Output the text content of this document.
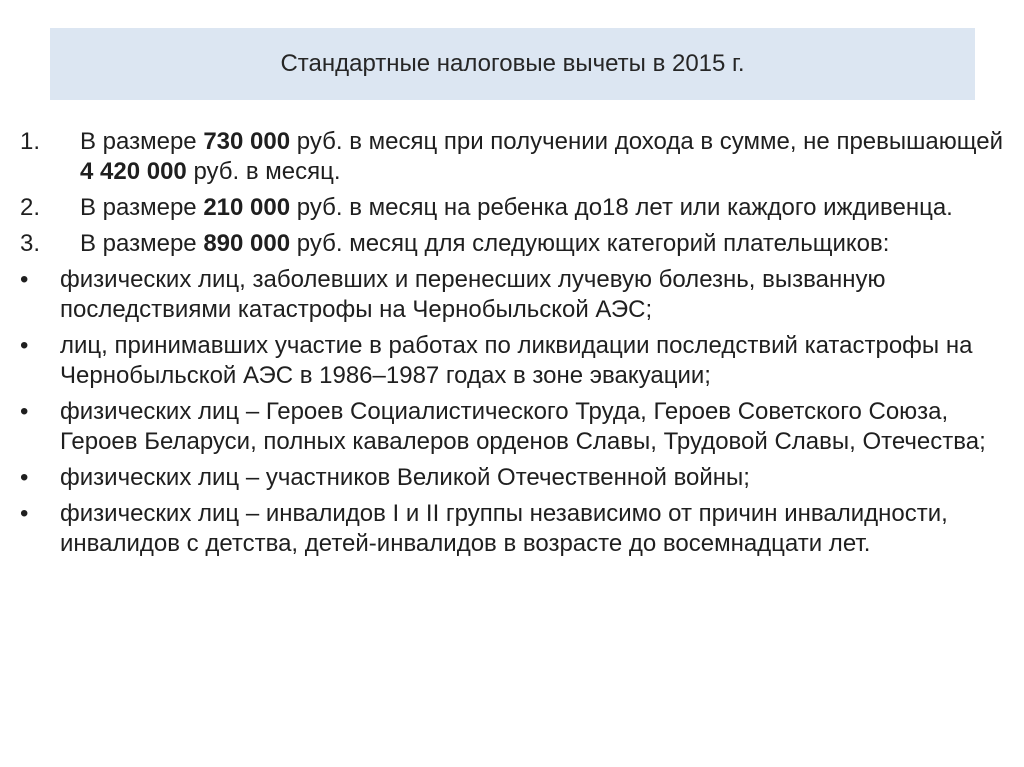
Стандартные налоговые вычеты в 2015 г.
1.	В размере 730 000 руб. в месяц при получении дохода в сумме, не превышающей 4 420 000 руб. в месяц.
2.	В размере 210 000 руб. в месяц на ребенка до18 лет или каждого иждивенца.
3.	В размере 890 000 руб. месяц для следующих категорий плательщиков:
•	физических лиц, заболевших и перенесших лучевую болезнь, вызванную последствиями катастрофы на Чернобыльской АЭС;
•	лиц, принимавших участие в работах по ликвидации последствий катастрофы на Чернобыльской АЭС в 1986–1987 годах в зоне эвакуации;
•	физических лиц – Героев Социалистического Труда, Героев Советского Союза, Героев Беларуси, полных кавалеров орденов Славы, Трудовой Славы, Отечества;
•	физических лиц – участников Великой Отечественной войны;
•	физических лиц – инвалидов I и II группы независимо от причин инвалидности, инвалидов с детства, детей-инвалидов в возрасте до восемнадцати лет.
